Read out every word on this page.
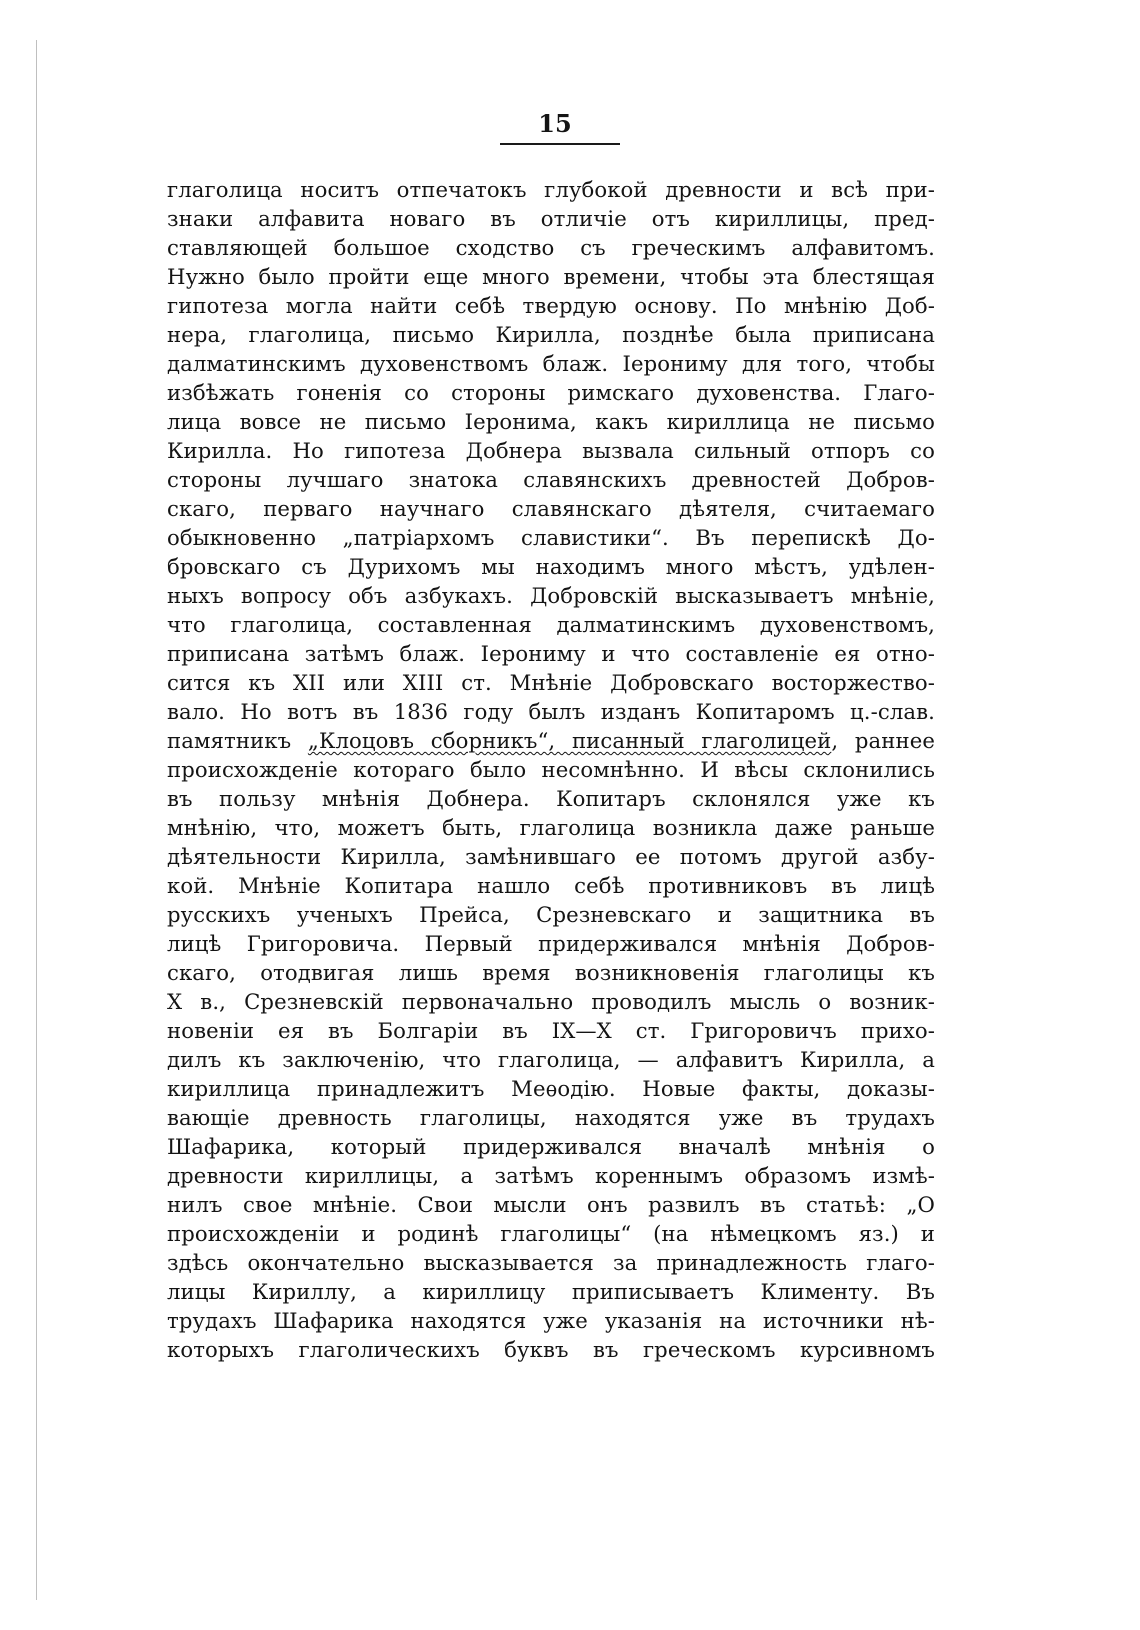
15
глаголица носитъ отпечатокъ глубокой древности и всѣ при-
знаки алфавита новаго въ отличіе отъ кириллицы, пред-
ставляющей большое сходство съ греческимъ алфавитомъ.
Нужно было пройти еще много времени, чтобы эта блестящая
гипотеза могла найти себѣ твердую основу. По мнѣнію Доб-
нера, глаголица, письмо Кирилла, позднѣе была приписана
далматинскимъ духовенствомъ блаж. Іерониму для того, чтобы
избѣжать гоненія со стороны римскаго духовенства. Глаго-
лица вовсе не письмо Іеронима, какъ кириллица не письмо
Кирилла. Но гипотеза Добнера вызвала сильный отпоръ со
стороны лучшаго знатока славянскихъ древностей Добров-
скаго, перваго научнаго славянскаго дѣятеля, считаемаго
обыкновенно „патріархомъ славистики“. Въ перепискѣ До-
бровскаго съ Дурихомъ мы находимъ много мѣстъ, удѣлен-
ныхъ вопросу объ азбукахъ. Добровскій высказываетъ мнѣніе,
что глаголица, составленная далматинскимъ духовенствомъ,
приписана затѣмъ блаж. Іерониму и что составленіе ея отно-
сится къ XII или XIII ст. Мнѣніе Добровскаго восторжество-
вало. Но вотъ въ 1836 году былъ изданъ Копитаромъ ц.-слав.
памятникъ „Клоцовъ сборникъ“, писанный глаголицей, раннее
происхожденіе котораго было несомнѣнно. И вѣсы склонились
въ пользу мнѣнія Добнера. Копитаръ склонялся уже къ
мнѣнію, что, можетъ быть, глаголица возникла даже раньше
дѣятельности Кирилла, замѣнившаго ее потомъ другой азбу-
кой. Мнѣніе Копитара нашло себѣ противниковъ въ лицѣ
русскихъ ученыхъ Прейса, Срезневскаго и защитника въ
лицѣ Григоровича. Первый придерживался мнѣнія Добров-
скаго, отодвигая лишь время возникновенія глаголицы къ
X в., Срезневскій первоначально проводилъ мысль о возник-
новеніи ея въ Болгаріи въ IX—X ст. Григоровичъ прихо-
дилъ къ заключенію, что глаголица, — алфавитъ Кирилла, а
кириллица принадлежитъ Меѳодію. Новые факты, доказы-
вающіе древность глаголицы, находятся уже въ трудахъ
Шафарика, который придерживался вначалѣ мнѣнія о
древности кириллицы, а затѣмъ кореннымъ образомъ измѣ-
нилъ свое мнѣніе. Свои мысли онъ развилъ въ статьѣ: „О
происхожденіи и родинѣ глаголицы“ (на нѣмецкомъ яз.) и
здѣсь окончательно высказывается за принадлежность глаго-
лицы Кириллу, а кириллицу приписываетъ Клименту. Въ
трудахъ Шафарика находятся уже указанія на источники нѣ-
которыхъ глаголическихъ буквъ въ греческомъ курсивномъ
